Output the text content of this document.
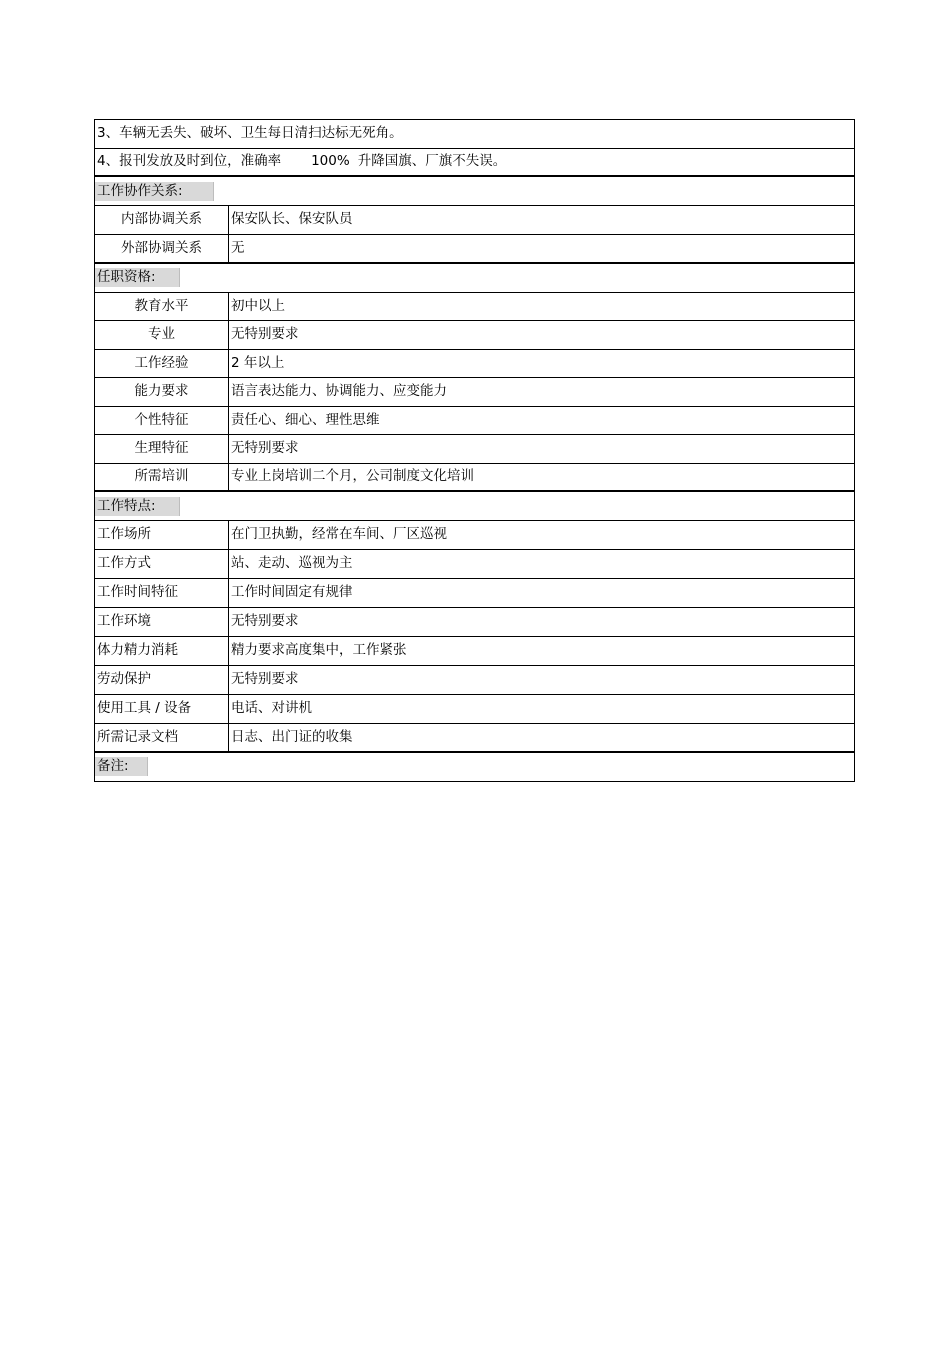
3、车辆无丢失、破坏、卫生每日清扫达标无死角。
4、报刊发放及时到位，准确率 100% 升降国旗、厂旗不失误。
工作协作关系:
内部协调关系	保安队长、保安队员
外部协调关系	无
任职资格:
教育水平	初中以上
专业	无特别要求
工作经验	2 年以上
能力要求	语言表达能力、协调能力、应变能力
个性特征	责任心、细心、理性思维
生理特征	无特别要求
所需培训	专业上岗培训二个月，公司制度文化培训
工作特点:
工作场所	在门卫执勤，经常在车间、厂区巡视
工作方式	站、走动、巡视为主
工作时间特征	工作时间固定有规律
工作环境	无特别要求
体力精力消耗	精力要求高度集中，工作紧张
劳动保护	无特别要求
使用工具 / 设备	电话、对讲机
所需记录文档	日志、出门证的收集
备注:
